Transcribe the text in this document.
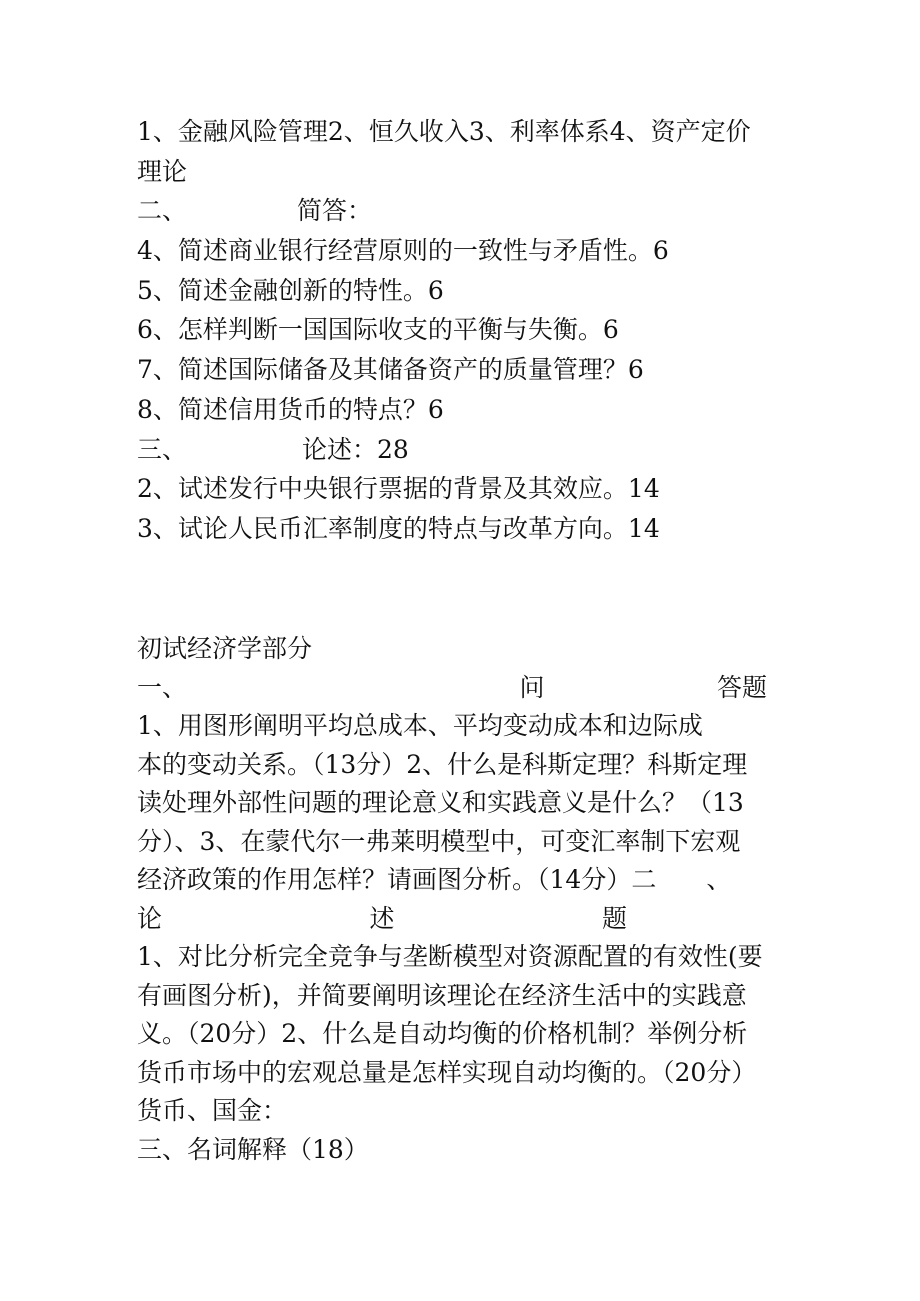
1、金融风险管理2、恒久收入3、利率体系4、资产定价
理论
二、	简答：
4、简述商业银行经营原则的一致性与矛盾性。6
5、简述金融创新的特性。6
6、怎样判断一国国际收支的平衡与失衡。6
7、简述国际储备及其储备资产的质量管理？6
8、简述信用货币的特点？6
三、	论述：28
2、试述发行中央银行票据的背景及其效应。14
3、试论人民币汇率制度的特点与改革方向。14
初试经济学部分
一、	问	答题
1、用图形阐明平均总成本、平均变动成本和边际成
本的变动关系。（13分）2、什么是科斯定理？科斯定理
读处理外部性问题的理论意义和实践意义是什么？（13
分）、3、在蒙代尔一弗莱明模型中，可变汇率制下宏观
经济政策的作用怎样？请画图分析。（14分）二　　、
论	述	题
1、对比分析完全竞争与垄断模型对资源配置的有效性(要
有画图分析)，并简要阐明该理论在经济生活中的实践意
义。（20分）2、什么是自动均衡的价格机制？举例分析
货币市场中的宏观总量是怎样实现自动均衡的。（20分）
货币、国金：
三、名词解释（18）
